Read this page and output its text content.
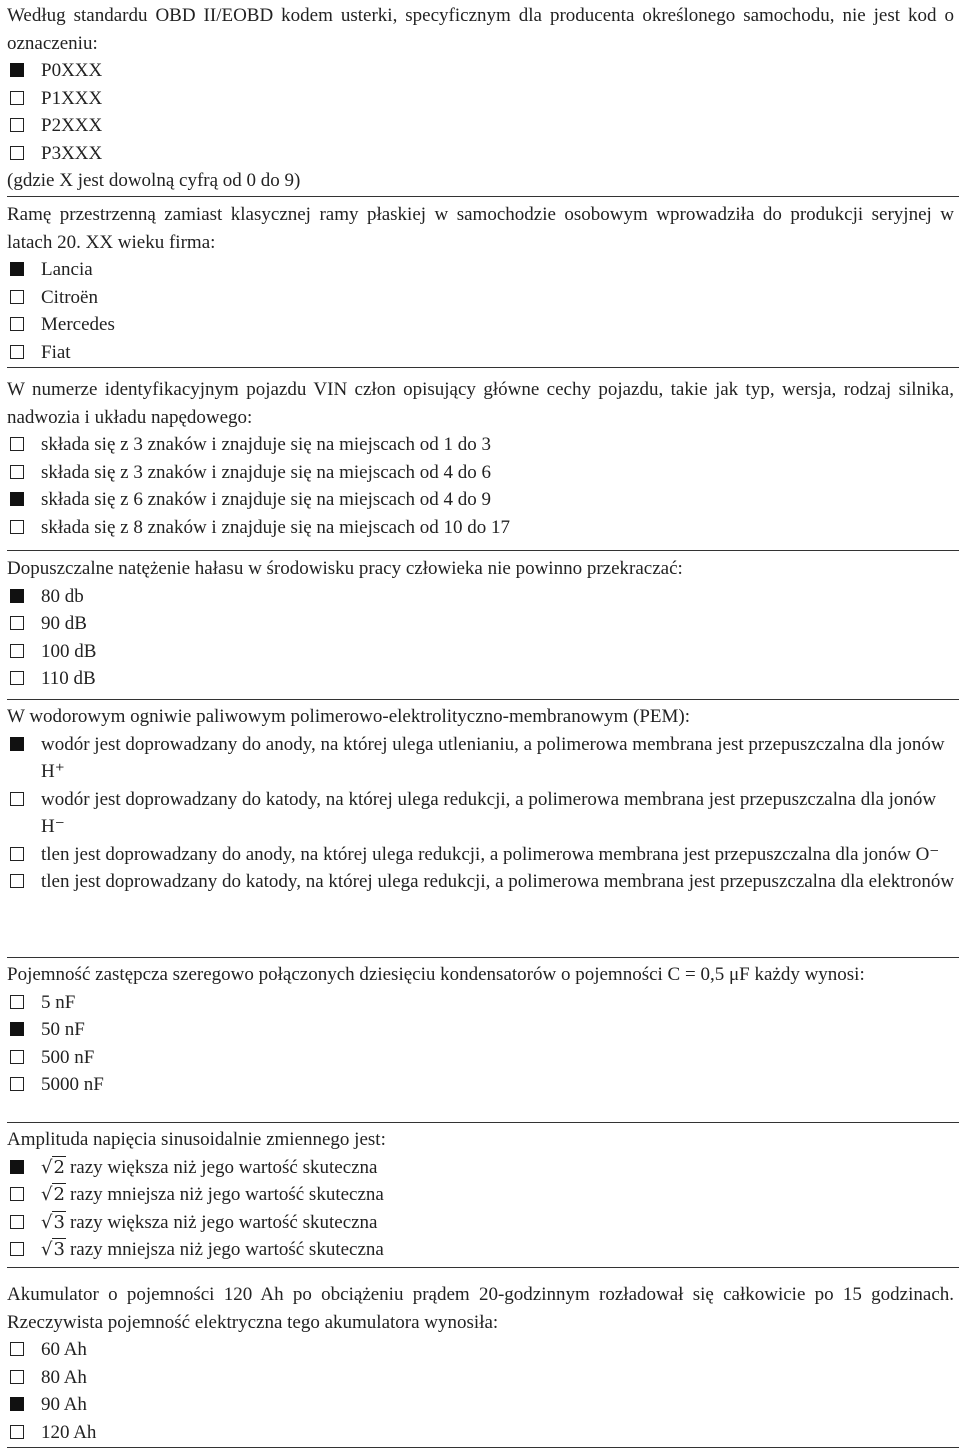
Według standardu OBD II/EOBD kodem usterki, specyficznym dla producenta określonego samochodu, nie jest kod o oznaczeniu:
P0XXX
P1XXX
P2XXX
P3XXX
(gdzie X jest dowolną cyfrą od 0 do 9)
Ramę przestrzenną zamiast klasycznej ramy płaskiej w samochodzie osobowym wprowadziła do produkcji seryjnej w latach 20. XX wieku firma:
Lancia
Citroën
Mercedes
Fiat
W numerze identyfikacyjnym pojazdu VIN człon opisujący główne cechy pojazdu, takie jak typ, wersja, rodzaj silnika, nadwozia i układu napędowego:
składa się z 3 znaków i znajduje się na miejscach od 1 do 3
składa się z 3 znaków i znajduje się na miejscach od 4 do 6
składa się z 6 znaków i znajduje się na miejscach od 4 do 9
składa się z 8 znaków i znajduje się na miejscach od 10 do 17
Dopuszczalne natężenie hałasu w środowisku pracy człowieka nie powinno przekraczać:
80 db
90 dB
100 dB
110 dB
W wodorowym ogniwie paliwowym polimerowo-elektrolityczno-membranowym (PEM):
wodór jest doprowadzany do anody, na której ulega utlenianiu, a polimerowa membrana jest przepuszczalna dla jonów H⁺
wodór jest doprowadzany do katody, na której ulega redukcji, a polimerowa membrana jest przepuszczalna dla jonów H⁻
tlen jest doprowadzany do anody, na której ulega redukcji, a polimerowa membrana jest przepuszczalna dla jonów O⁻
tlen jest doprowadzany do katody, na której ulega redukcji, a polimerowa membrana jest przepuszczalna dla elektronów
Pojemność zastępcza szeregowo połączonych dziesięciu kondensatorów o pojemności C = 0,5 μF każdy wynosi:
5 nF
50 nF
500 nF
5000 nF
Amplituda napięcia sinusoidalnie zmiennego jest:
√2 razy większa niż jego wartość skuteczna
√2 razy mniejsza niż jego wartość skuteczna
√3 razy większa niż jego wartość skuteczna
√3 razy mniejsza niż jego wartość skuteczna
Akumulator o pojemności 120 Ah po obciążeniu prądem 20-godzinnym rozładował się całkowicie po 15 godzinach. Rzeczywista pojemność elektryczna tego akumulatora wynosiła:
60 Ah
80 Ah
90 Ah
120 Ah
